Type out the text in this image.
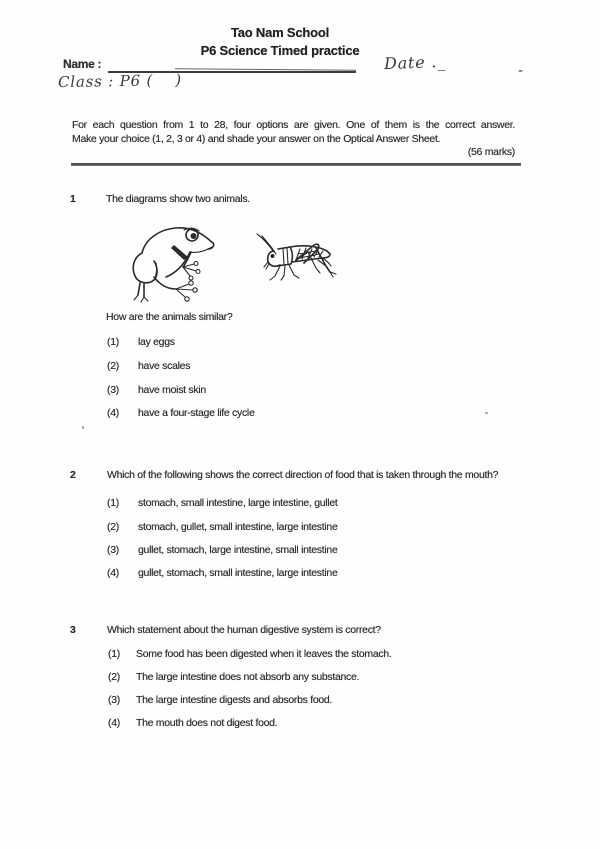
Tao Nam School
P6 Science Timed practice
Name :	Date ._	-
Class : P6 (    )
For each question from 1 to 28, four options are given. One of them is the correct answer.
Make your choice (1, 2, 3 or 4) and shade your answer on the Optical Answer Sheet.
(56 marks)
1	The diagrams show two animals.
How are the animals similar?
(1)	lay eggs
(2)	have scales
(3)	have moist skin
(4)	have a four-stage life cycle
2	Which of the following shows the correct direction of food that is taken through the mouth?
(1)	stomach, small intestine, large intestine, gullet
(2)	stomach, gullet, small intestine, large intestine
(3)	gullet, stomach, large intestine, small intestine
(4)	gullet, stomach, small intestine, large intestine
3	Which statement about the human digestive system is correct?
(1)	Some food has been digested when it leaves the stomach.
(2)	The large intestine does not absorb any substance.
(3)	The large intestine digests and absorbs food.
(4)	The mouth does not digest food.
